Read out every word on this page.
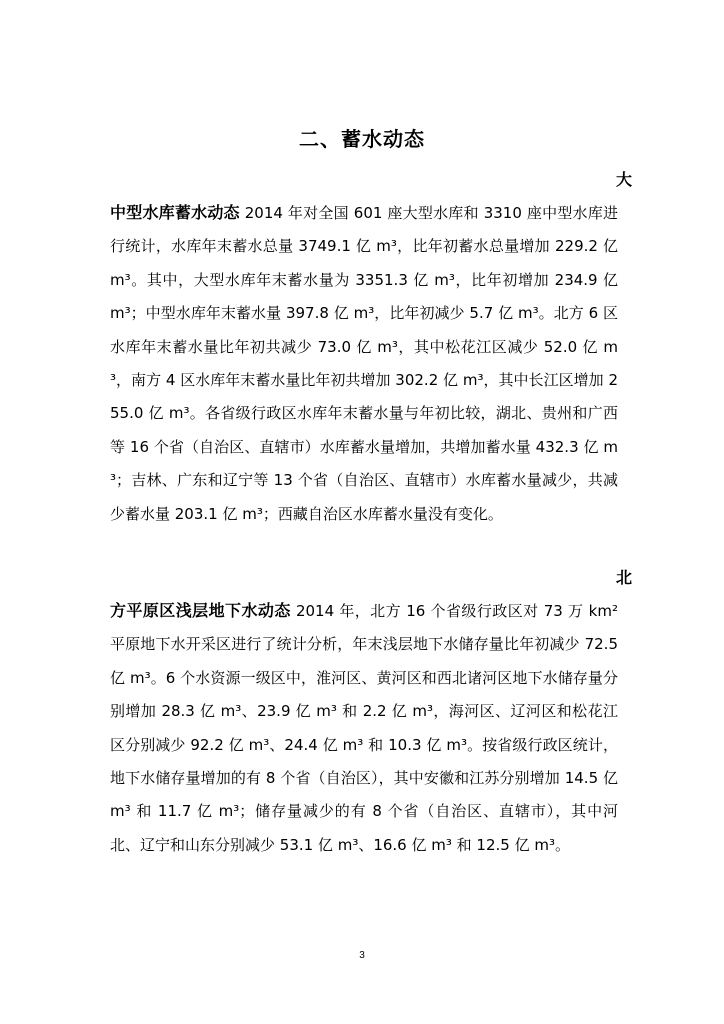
二、蓄水动态
大
中型水库蓄水动态 2014 年对全国 601 座大型水库和 3310 座中型水库进行统计，水库年末蓄水总量 3749.1 亿 m³，比年初蓄水总量增加 229.2 亿 m³。其中，大型水库年末蓄水量为 3351.3 亿 m³，比年初增加 234.9 亿 m³；中型水库年末蓄水量 397.8 亿 m³，比年初减少 5.7 亿 m³。北方 6 区水库年末蓄水量比年初共减少 73.0 亿 m³，其中松花江区减少 52.0 亿 m³，南方 4 区水库年末蓄水量比年初共增加 302.2 亿 m³，其中长江区增加 255.0 亿 m³。各省级行政区水库年末蓄水量与年初比较，湖北、贵州和广西等 16 个省（自治区、直辖市）水库蓄水量增加，共增加蓄水量 432.3 亿 m³；吉林、广东和辽宁等 13 个省（自治区、直辖市）水库蓄水量减少，共减少蓄水量 203.1 亿 m³；西藏自治区水库蓄水量没有变化。
北
方平原区浅层地下水动态 2014 年，北方 16 个省级行政区对 73 万 km² 平原地下水开采区进行了统计分析，年末浅层地下水储存量比年初减少 72.5 亿 m³。6 个水资源一级区中，淮河区、黄河区和西北诸河区地下水储存量分别增加 28.3 亿 m³、23.9 亿 m³ 和 2.2 亿 m³，海河区、辽河区和松花江区分别减少 92.2 亿 m³、24.4 亿 m³ 和 10.3 亿 m³。按省级行政区统计，地下水储存量增加的有 8 个省（自治区），其中安徽和江苏分别增加 14.5 亿 m³ 和 11.7 亿 m³；储存量减少的有 8 个省（自治区、直辖市），其中河北、辽宁和山东分别减少 53.1 亿 m³、16.6 亿 m³ 和 12.5 亿 m³。
3
